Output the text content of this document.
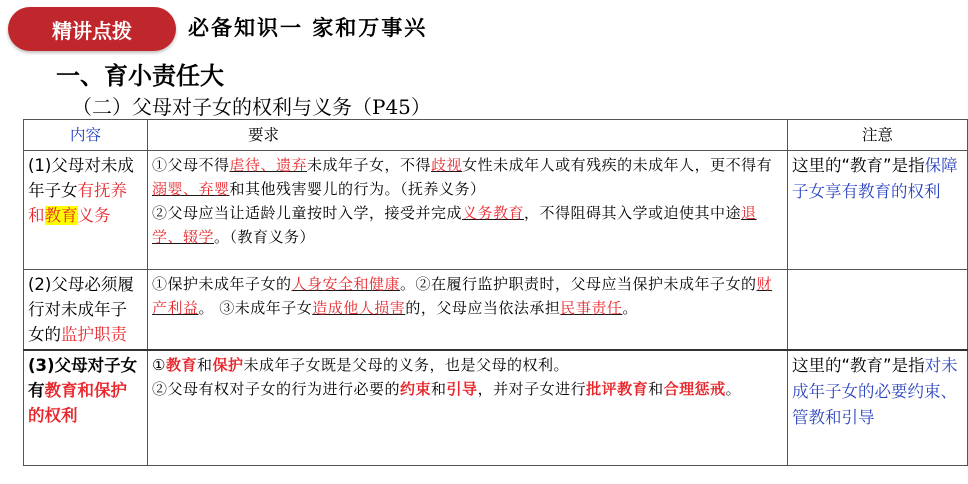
精讲点拨	必备知识一 家和万事兴
一、育小责任大
（二）父母对子女的权利与义务（P45）
内容	要求	注意
(1)父母对未成年子女有抚养和教育义务	①父母不得虐待、遗弃未成年子女，不得歧视女性未成年人或有残疾的未成年人，更不得有溺婴、弃婴和其他残害婴儿的行为。（抚养义务）
②父母应当让适龄儿童按时入学，接受并完成义务教育，不得阻碍其入学或迫使其中途退学、辍学。（教育义务）	这里的“教育”是指保障子女享有教育的权利
(2)父母必须履行对未成年子女的监护职责	①保护未成年子女的人身安全和健康。②在履行监护职责时，父母应当保护未成年子女的财产利益。 ③未成年子女造成他人损害的，父母应当依法承担民事责任。	
(3)父母对子女有教育和保护的权利	①教育和保护未成年子女既是父母的义务，也是父母的权利。
②父母有权对子女的行为进行必要的约束和引导，并对子女进行批评教育和合理惩戒。	这里的“教育”是指对未成年子女的必要约束、管教和引导
